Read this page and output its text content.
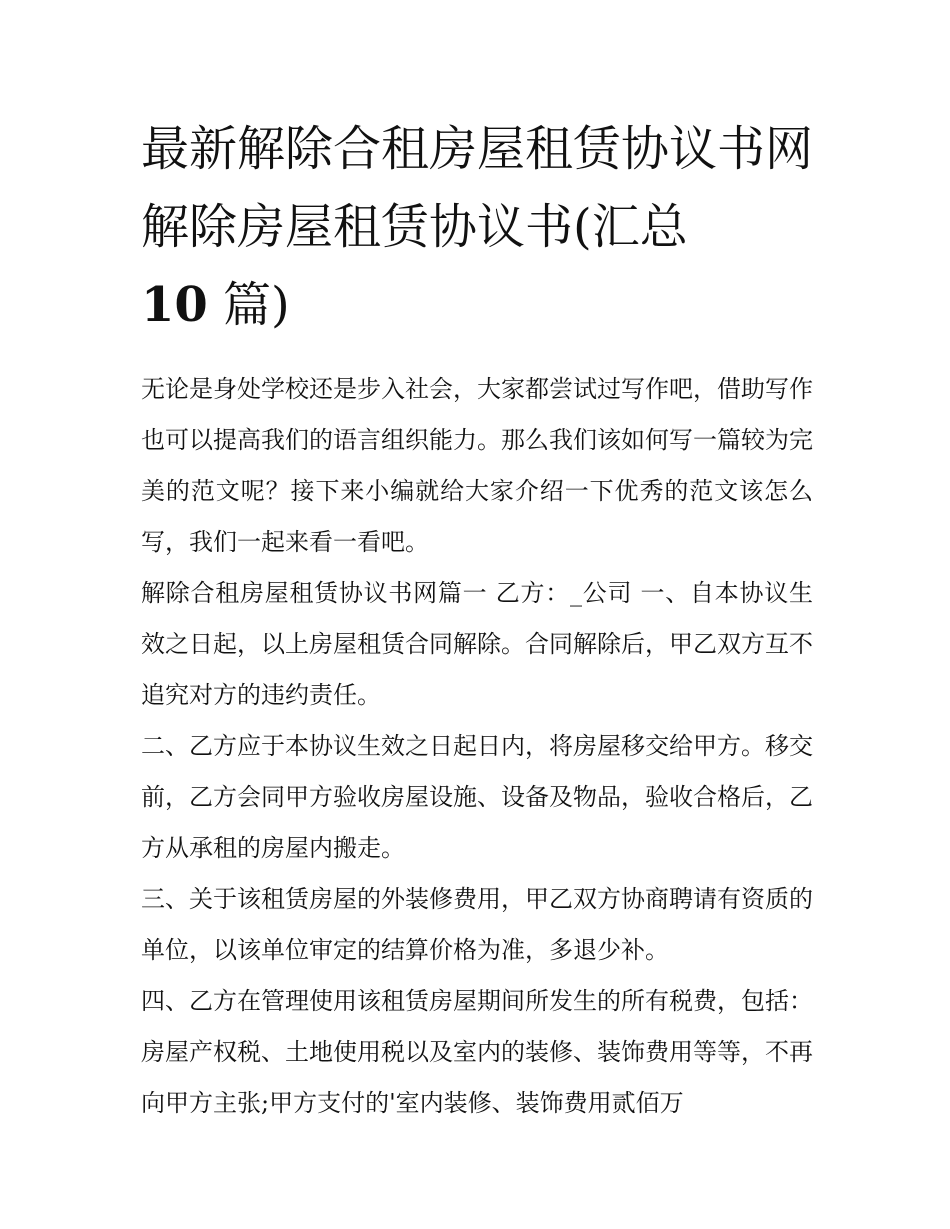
最新解除合租房屋租赁协议书网 解除房屋租赁协议书(汇总
10 篇)

无论是身处学校还是步入社会，大家都尝试过写作吧，借助写作也可以提高我们的语言组织能力。那么我们该如何写一篇较为完美的范文呢？接下来小编就给大家介绍一下优秀的范文该怎么写，我们一起来看一看吧。

解除合租房屋租赁协议书网篇一 乙方：_公司 一、自本协议生效之日起，以上房屋租赁合同解除。合同解除后，甲乙双方互不追究对方的违约责任。

二、乙方应于本协议生效之日起日内，将房屋移交给甲方。移交前，乙方会同甲方验收房屋设施、设备及物品，验收合格后，乙方从承租的房屋内搬走。

三、关于该租赁房屋的外装修费用，甲乙双方协商聘请有资质的单位，以该单位审定的结算价格为准，多退少补。

四、乙方在管理使用该租赁房屋期间所发生的所有税费，包括：房屋产权税、土地使用税以及室内的装修、装饰费用等等，不再向甲方主张;甲方支付的'室内装修、装饰费用贰佰万
